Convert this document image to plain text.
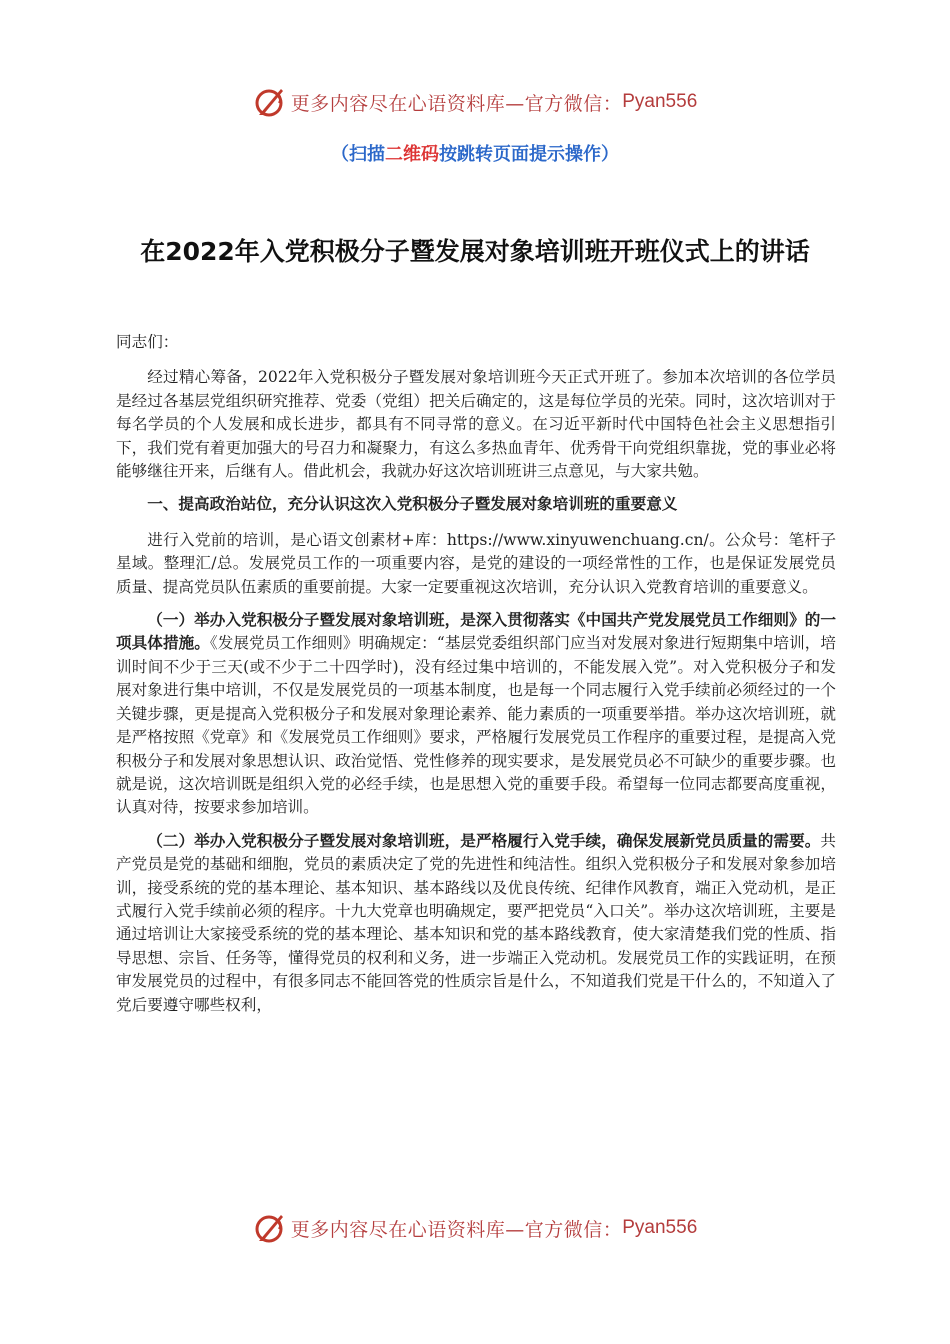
更多内容尽在心语资料库—官方微信： Pyan556
（扫描二维码按跳转页面提示操作）
在2022年入党积极分子暨发展对象培训班开班仪式上的讲话

同志们：

经过精心筹备，2022年入党积极分子暨发展对象培训班今天正式开班了。参加本次培训的各位学员是经过各基层党组织研究推荐、党委（党组）把关后确定的，这是每位学员的光荣。同时，这次培训对于每名学员的个人发展和成长进步，都具有不同寻常的意义。在习近平新时代中国特色社会主义思想指引下，我们党有着更加强大的号召力和凝聚力，有这么多热血青年、优秀骨干向党组织靠拢，党的事业必将能够继往开来，后继有人。借此机会，我就办好这次培训班讲三点意见，与大家共勉。

一、提高政治站位，充分认识这次入党积极分子暨发展对象培训班的重要意义

进行入党前的培训，是心语文创素材+库：https://www.xinyuwenchuang.cn/。公众号：笔杆子星域。整理汇/总。发展党员工作的一项重要内容，是党的建设的一项经常性的工作，也是保证发展党员质量、提高党员队伍素质的重要前提。大家一定要重视这次培训，充分认识入党教育培训的重要意义。

（一）举办入党积极分子暨发展对象培训班，是深入贯彻落实《中国共产党发展党员工作细则》的一项具体措施。《发展党员工作细则》明确规定：“基层党委组织部门应当对发展对象进行短期集中培训，培训时间不少于三天(或不少于二十四学时)，没有经过集中培训的，不能发展入党”。对入党积极分子和发展对象进行集中培训，不仅是发展党员的一项基本制度，也是每一个同志履行入党手续前必须经过的一个关键步骤，更是提高入党积极分子和发展对象理论素养、能力素质的一项重要举措。举办这次培训班，就是严格按照《党章》和《发展党员工作细则》要求，严格履行发展党员工作程序的重要过程，是提高入党积极分子和发展对象思想认识、政治觉悟、党性修养的现实要求，是发展党员必不可缺少的重要步骤。也就是说，这次培训既是组织入党的必经手续，也是思想入党的重要手段。希望每一位同志都要高度重视，认真对待，按要求参加培训。

（二）举办入党积极分子暨发展对象培训班，是严格履行入党手续，确保发展新党员质量的需要。共产党员是党的基础和细胞，党员的素质决定了党的先进性和纯洁性。组织入党积极分子和发展对象参加培训，接受系统的党的基本理论、基本知识、基本路线以及优良传统、纪律作风教育，端正入党动机，是正式履行入党手续前必须的程序。十九大党章也明确规定，要严把党员“入口关”。举办这次培训班，主要是通过培训让大家接受系统的党的基本理论、基本知识和党的基本路线教育，使大家清楚我们党的性质、指导思想、宗旨、任务等，懂得党员的权利和义务，进一步端正入党动机。发展党员工作的实践证明，在预审发展党员的过程中，有很多同志不能回答党的性质宗旨是什么，不知道我们党是干什么的，不知道入了党后要遵守哪些权利，

更多内容尽在心语资料库—官方微信： Pyan556
